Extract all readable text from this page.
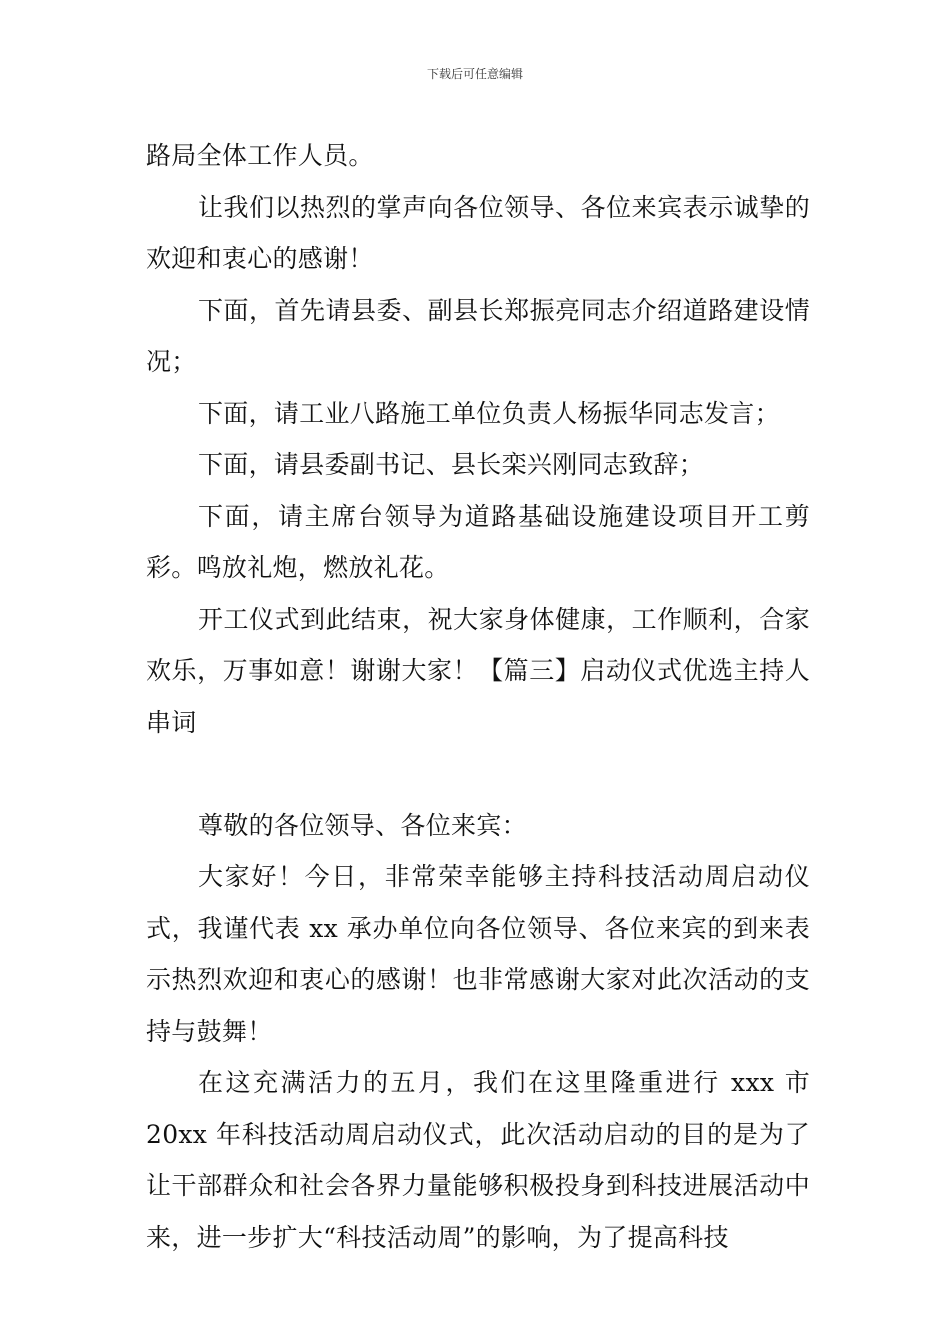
下载后可任意编辑

路局全体工作人员。

让我们以热烈的掌声向各位领导、各位来宾表示诚挚的欢迎和衷心的感谢！

下面，首先请县委、副县长郑振亮同志介绍道路建设情况；

下面，请工业八路施工单位负责人杨振华同志发言；

下面，请县委副书记、县长栾兴刚同志致辞；

下面，请主席台领导为道路基础设施建设项目开工剪彩。鸣放礼炮，燃放礼花。

开工仪式到此结束，祝大家身体健康，工作顺利，合家欢乐，万事如意！谢谢大家！【篇三】启动仪式优选主持人串词

尊敬的各位领导、各位来宾：

大家好！今日，非常荣幸能够主持科技活动周启动仪式，我谨代表 xx 承办单位向各位领导、各位来宾的到来表示热烈欢迎和衷心的感谢！也非常感谢大家对此次活动的支持与鼓舞！

在这充满活力的五月，我们在这里隆重进行 xxx 市 20xx 年科技活动周启动仪式，此次活动启动的目的是为了让干部群众和社会各界力量能够积极投身到科技进展活动中来，进一步扩大“科技活动周”的影响，为了提高科技
